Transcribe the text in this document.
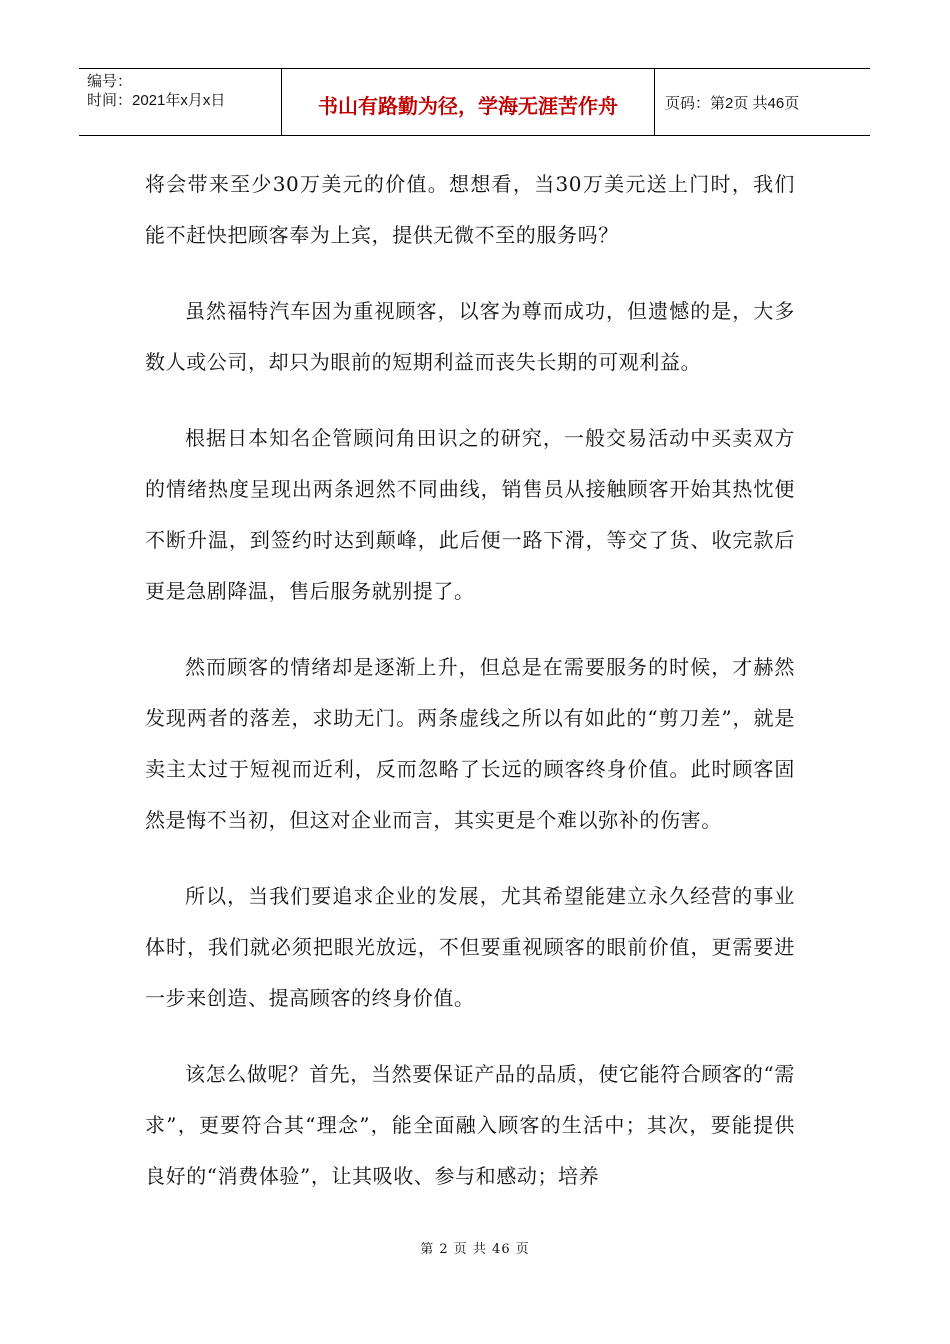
编号：
时间：2021年x月x日	书山有路勤为径，学海无涯苦作舟	页码：第2页 共46页

将会带来至少30万美元的价值。想想看，当30万美元送上门时，我们能不赶快把顾客奉为上宾，提供无微不至的服务吗？

虽然福特汽车因为重视顾客，以客为尊而成功，但遗憾的是，大多数人或公司，却只为眼前的短期利益而丧失长期的可观利益。

根据日本知名企管顾问角田识之的研究，一般交易活动中买卖双方的情绪热度呈现出两条迥然不同曲线，销售员从接触顾客开始其热忱便不断升温，到签约时达到颠峰，此后便一路下滑，等交了货、收完款后更是急剧降温，售后服务就别提了。

然而顾客的情绪却是逐渐上升，但总是在需要服务的时候，才赫然发现两者的落差，求助无门。两条虚线之所以有如此的“剪刀差”，就是卖主太过于短视而近利，反而忽略了长远的顾客终身价值。此时顾客固然是悔不当初，但这对企业而言，其实更是个难以弥补的伤害。

所以，当我们要追求企业的发展，尤其希望能建立永久经营的事业体时，我们就必须把眼光放远，不但要重视顾客的眼前价值，更需要进一步来创造、提高顾客的终身价值。

该怎么做呢？首先，当然要保证产品的品质，使它能符合顾客的“需求”，更要符合其“理念”，能全面融入顾客的生活中；其次，要能提供良好的“消费体验”，让其吸收、参与和感动；培养

第 2 页 共 46 页
